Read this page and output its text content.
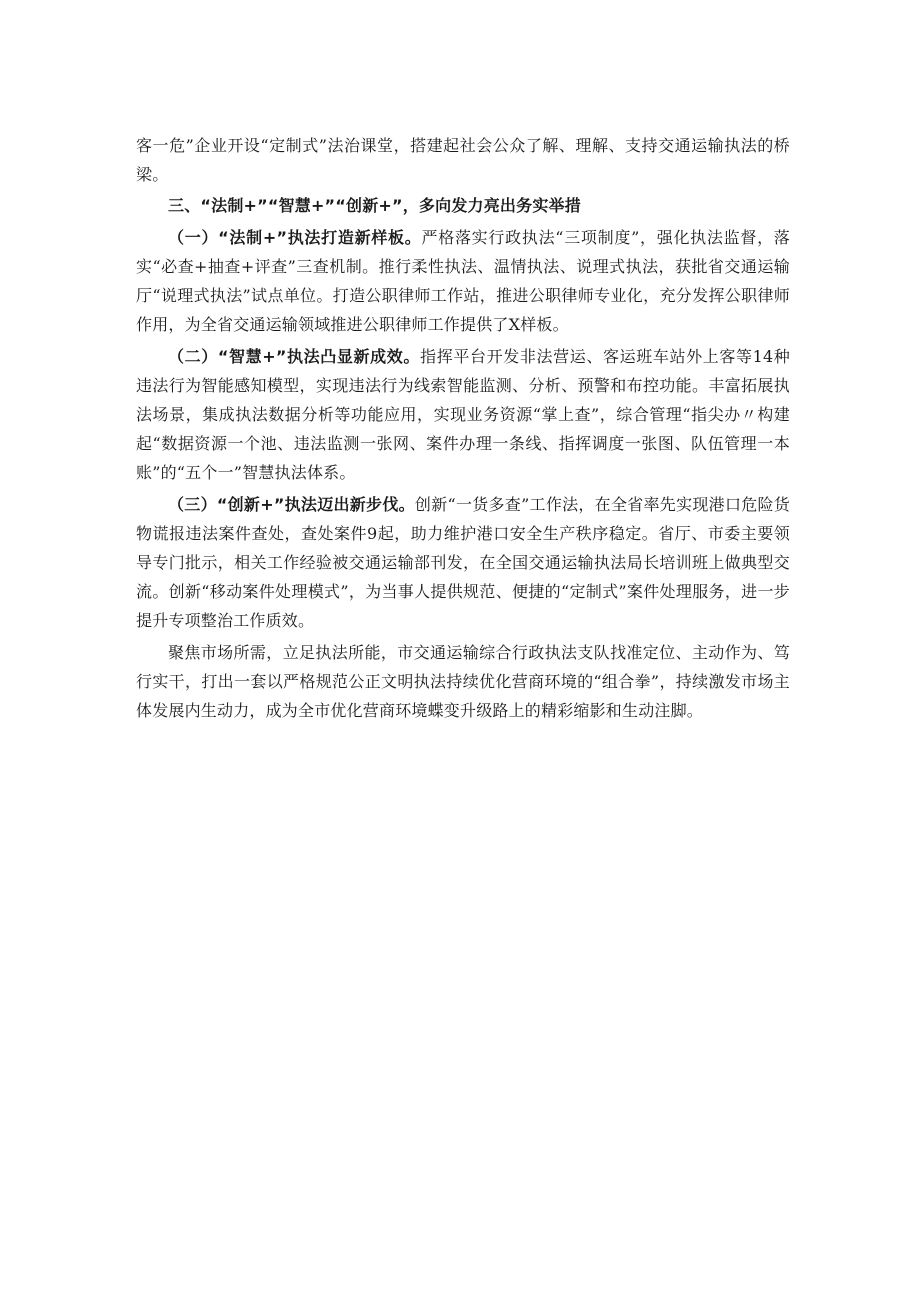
客一危”企业开设“定制式”法治课堂，搭建起社会公众了解、理解、支持交通运输执法的桥梁。

三、“法制+”“智慧+”“创新+”，多向发力亮出务实举措

（一）“法制+”执法打造新样板。严格落实行政执法“三项制度”，强化执法监督，落实“必查+抽查+评查”三查机制。推行柔性执法、温情执法、说理式执法，获批省交通运输厅“说理式执法”试点单位。打造公职律师工作站，推进公职律师专业化，充分发挥公职律师作用，为全省交通运输领域推进公职律师工作提供了X样板。

（二）“智慧+”执法凸显新成效。指挥平台开发非法营运、客运班车站外上客等14种违法行为智能感知模型，实现违法行为线索智能监测、分析、预警和布控功能。丰富拓展执法场景，集成执法数据分析等功能应用，实现业务资源“掌上查”，综合管理“指尖办〃构建起“数据资源一个池、违法监测一张网、案件办理一条线、指挥调度一张图、队伍管理一本账”的“五个一”智慧执法体系。

（三）“创新+”执法迈出新步伐。创新“一货多查”工作法，在全省率先实现港口危险货物谎报违法案件查处，查处案件9起，助力维护港口安全生产秩序稳定。省厅、市委主要领导专门批示，相关工作经验被交通运输部刊发，在全国交通运输执法局长培训班上做典型交流。创新“移动案件处理模式”，为当事人提供规范、便捷的“定制式”案件处理服务，进一步提升专项整治工作质效。

聚焦市场所需，立足执法所能，市交通运输综合行政执法支队找准定位、主动作为、笃行实干，打出一套以严格规范公正文明执法持续优化营商环境的“组合拳”，持续激发市场主体发展内生动力，成为全市优化营商环境蝶变升级路上的精彩缩影和生动注脚。
